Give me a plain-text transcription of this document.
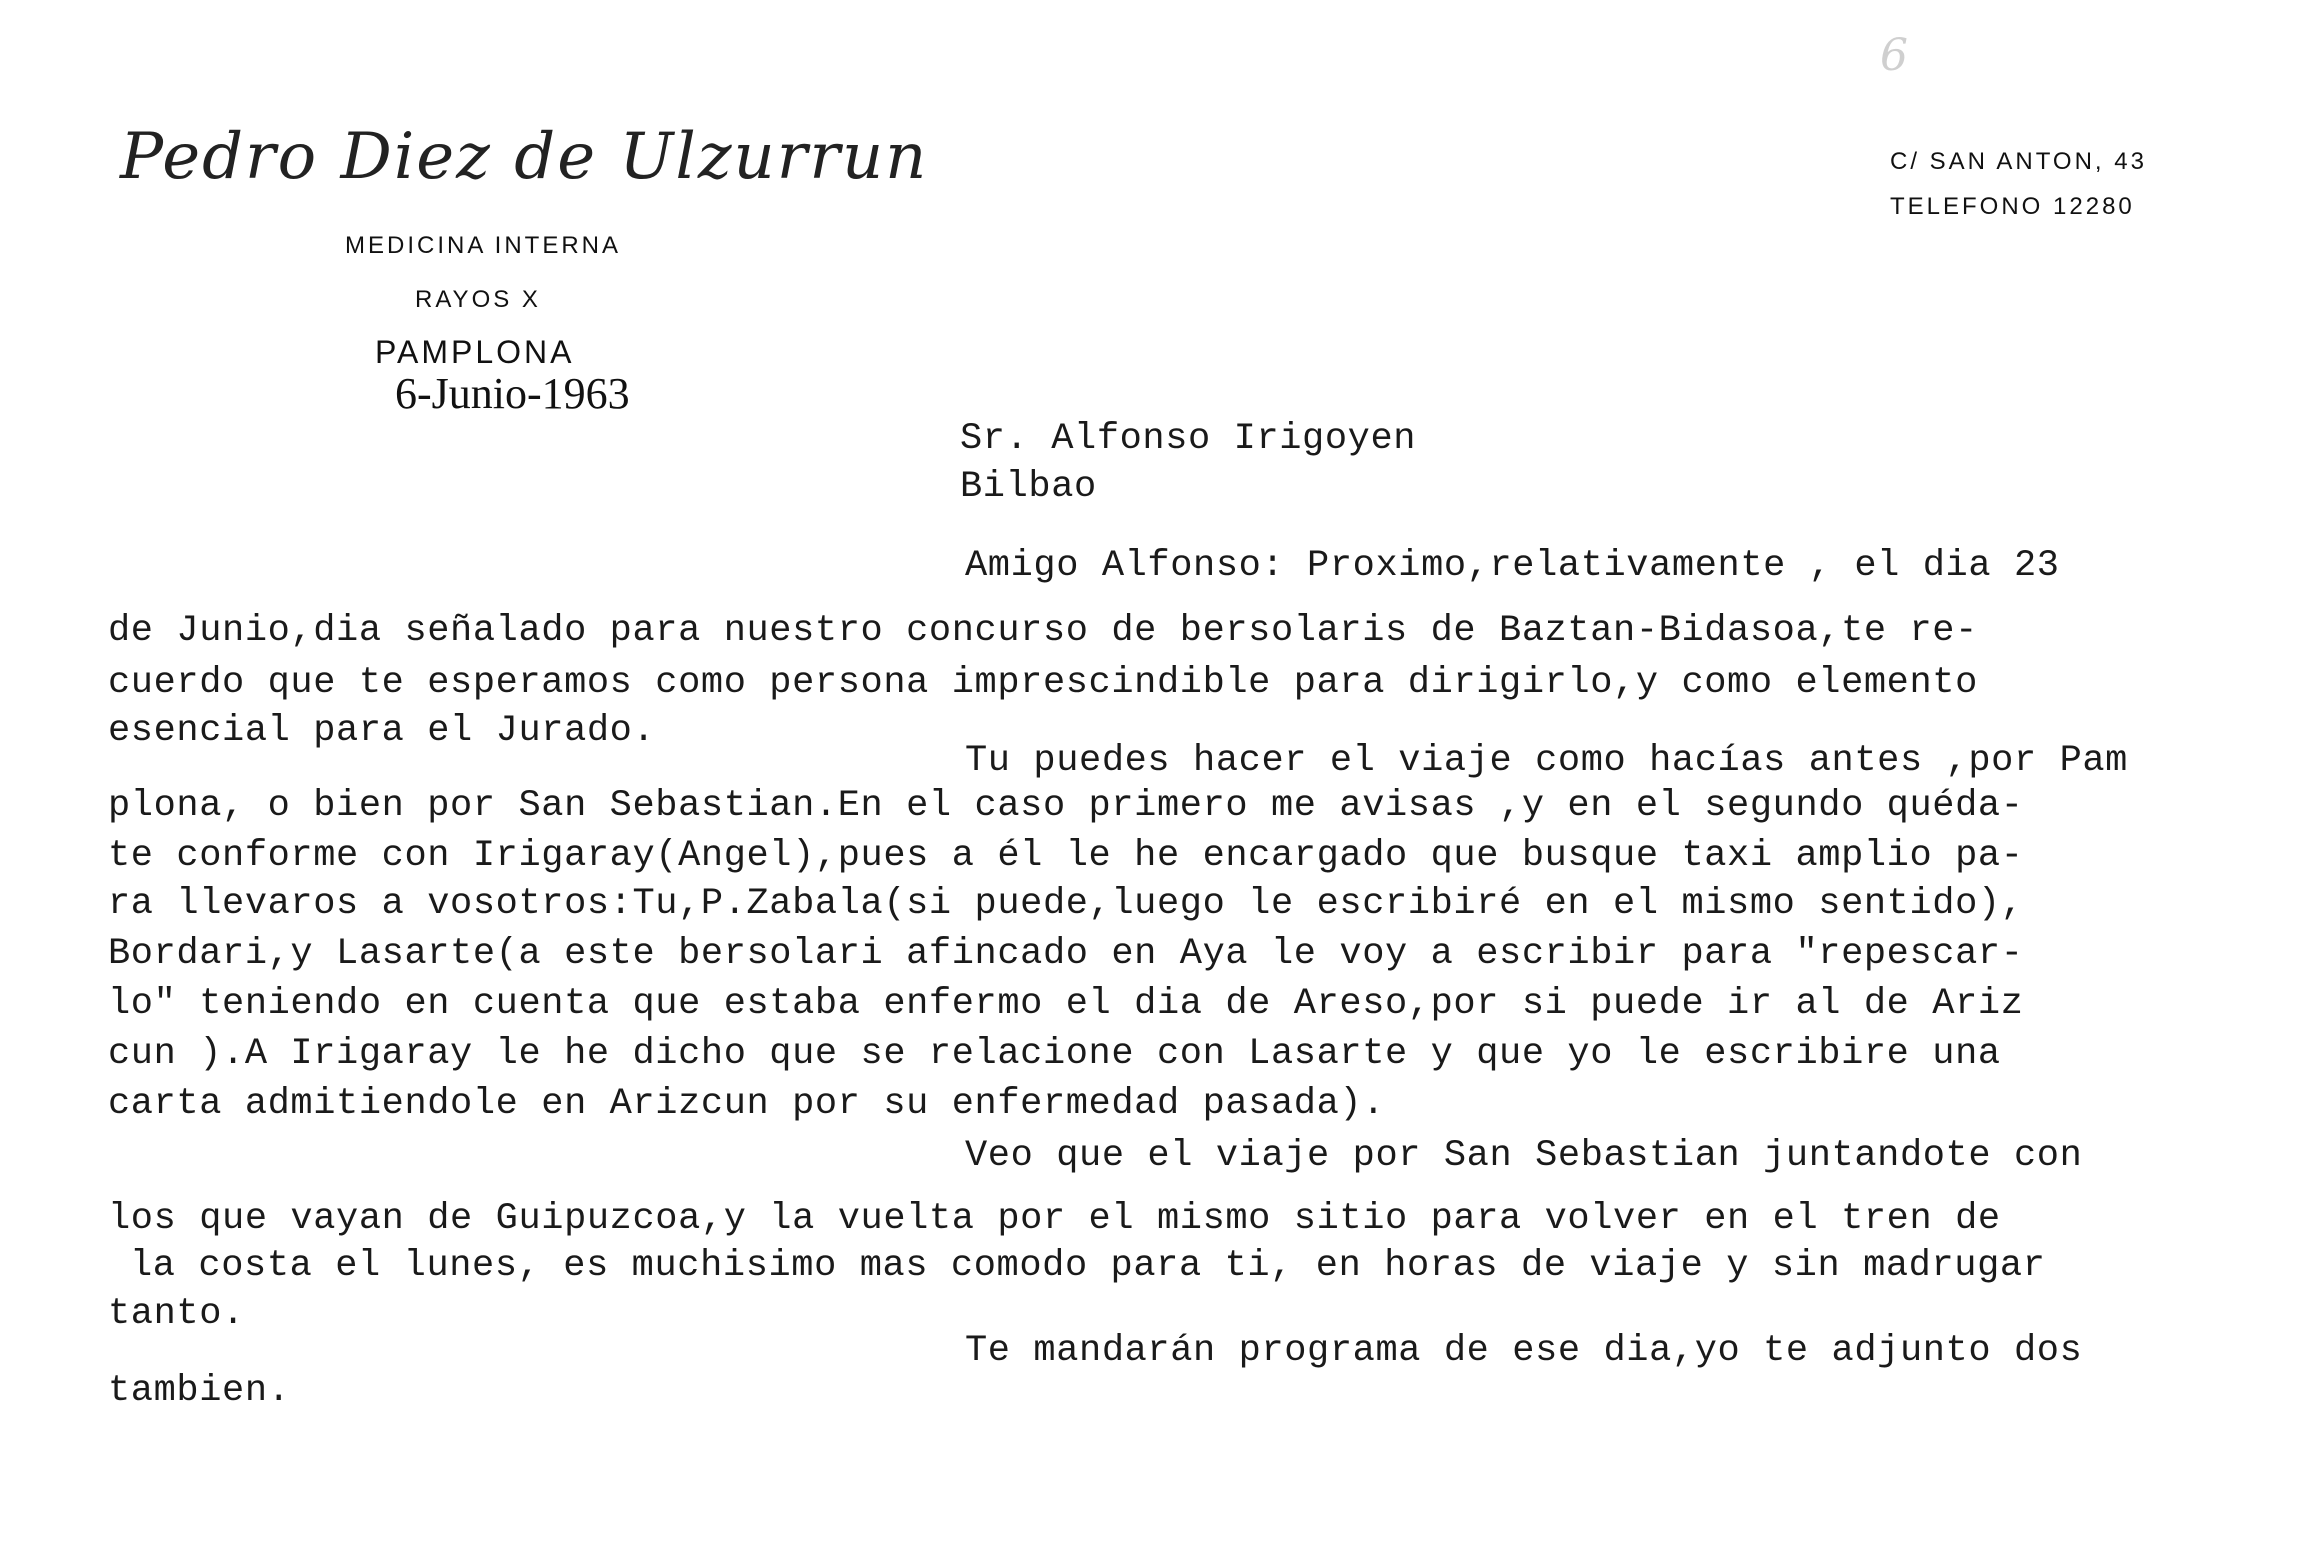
6
Pedro Diez de Ulzurrun
MEDICINA INTERNA
RAYOS X
PAMPLONA
C/ SAN ANTON, 43
TELEFONO 12280
6-Junio-1963
Sr. Alfonso Irigoyen
Bilbao
Amigo Alfonso: Proximo,relativamente , el dia 23
de Junio,dia señalado para nuestro concurso de bersolaris de Baztan-Bidasoa,te re-
cuerdo que te esperamos como persona imprescindible para dirigirlo,y como elemento
esencial para el Jurado.
Tu puedes hacer el viaje como hacías antes ,por Pam
plona, o bien por San Sebastian.En el caso primero me avisas ,y en el segundo quéda-
te conforme con Irigaray(Angel),pues a él le he encargado que busque taxi amplio pa-
ra llevaros a vosotros:Tu,P.Zabala(si puede,luego le escribiré en el mismo sentido),
Bordari,y Lasarte(a este bersolari afincado en Aya le voy a escribir para "repescar-
lo" teniendo en cuenta que estaba enfermo el dia de Areso,por si puede ir al de Ariz
cun ).A Irigaray le he dicho que se relacione con Lasarte y que yo le escribire una
carta admitiendole en Arizcun por su enfermedad pasada).
Veo que el viaje por San Sebastian juntandote con
los que vayan de Guipuzcoa,y la vuelta por el mismo sitio para volver en el tren de
la costa el lunes, es muchisimo mas comodo para ti, en horas de viaje y sin madrugar
tanto.
Te mandarán programa de ese dia,yo te adjunto dos
tambien.
